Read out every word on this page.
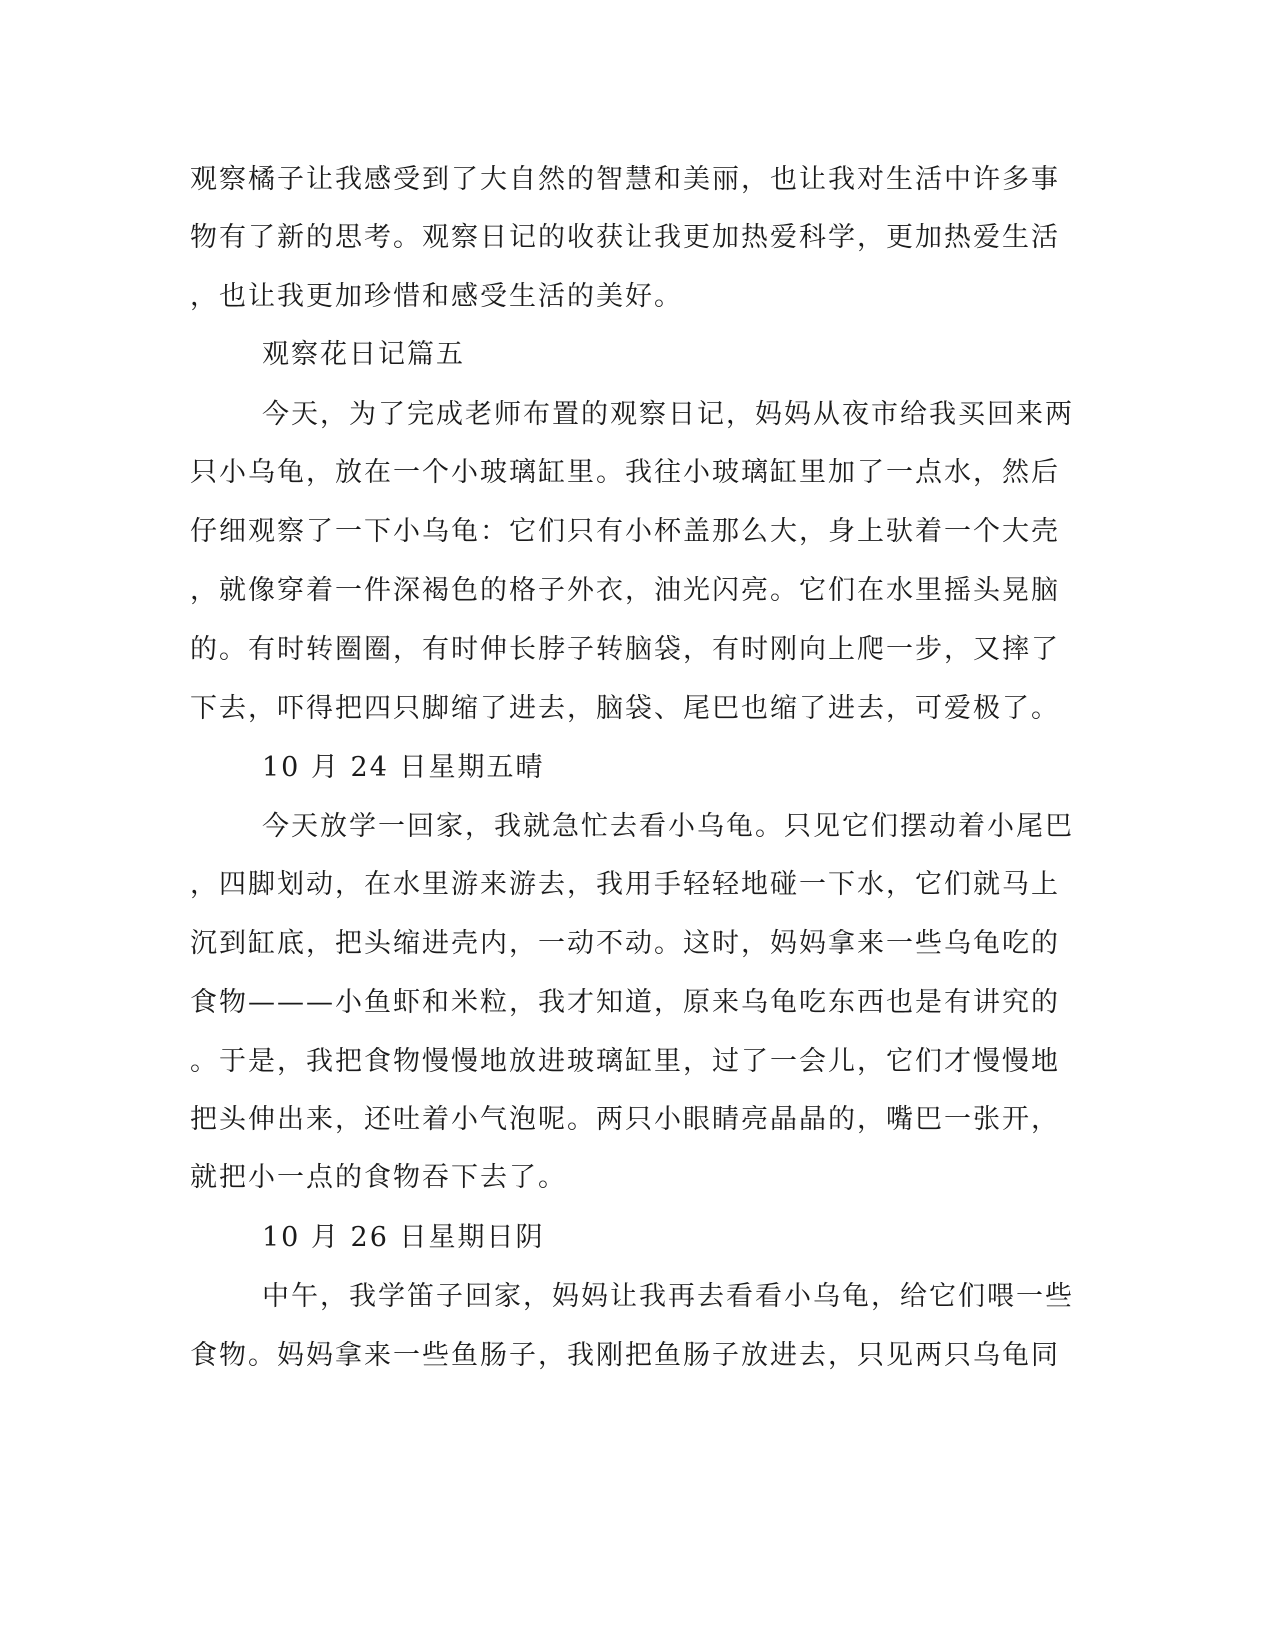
观察橘子让我感受到了大自然的智慧和美丽，也让我对生活中许多事

物有了新的思考。观察日记的收获让我更加热爱科学，更加热爱生活

，也让我更加珍惜和感受生活的美好。

观察花日记篇五

今天，为了完成老师布置的观察日记，妈妈从夜市给我买回来两

只小乌龟，放在一个小玻璃缸里。我往小玻璃缸里加了一点水，然后

仔细观察了一下小乌龟：它们只有小杯盖那么大，身上驮着一个大壳

，就像穿着一件深褐色的格子外衣，油光闪亮。它们在水里摇头晃脑

的。有时转圈圈，有时伸长脖子转脑袋，有时刚向上爬一步，又摔了

下去，吓得把四只脚缩了进去，脑袋、尾巴也缩了进去，可爱极了。

10 月 24 日星期五晴

今天放学一回家，我就急忙去看小乌龟。只见它们摆动着小尾巴

，四脚划动，在水里游来游去，我用手轻轻地碰一下水，它们就马上

沉到缸底，把头缩进壳内，一动不动。这时，妈妈拿来一些乌龟吃的

食物———小鱼虾和米粒，我才知道，原来乌龟吃东西也是有讲究的

。于是，我把食物慢慢地放进玻璃缸里，过了一会儿，它们才慢慢地

把头伸出来，还吐着小气泡呢。两只小眼睛亮晶晶的，嘴巴一张开，

就把小一点的食物吞下去了。

10 月 26 日星期日阴

中午，我学笛子回家，妈妈让我再去看看小乌龟，给它们喂一些

食物。妈妈拿来一些鱼肠子，我刚把鱼肠子放进去，只见两只乌龟同
